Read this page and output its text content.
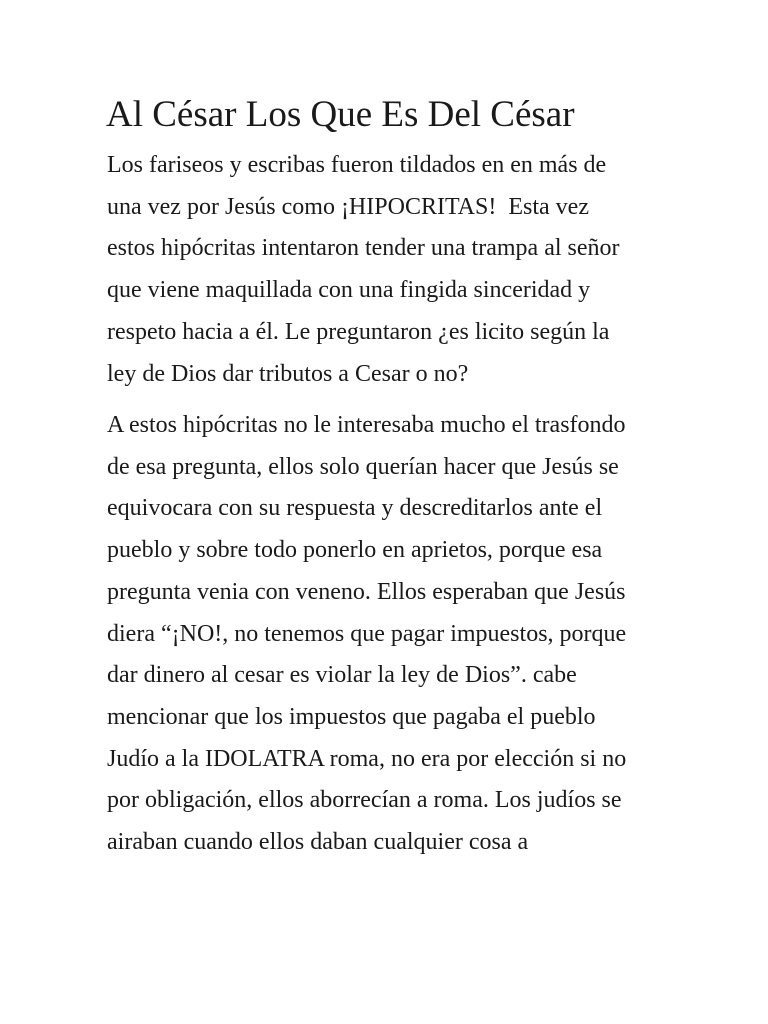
Al César Los Que Es Del César

Los fariseos y escribas fueron tildados en en más de
una vez por Jesús como ¡HIPOCRITAS!  Esta vez
estos hipócritas intentaron tender una trampa al señor
que viene maquillada con una fingida sinceridad y
respeto hacia a él. Le preguntaron ¿es licito según la
ley de Dios dar tributos a Cesar o no?

A estos hipócritas no le interesaba mucho el trasfondo
de esa pregunta, ellos solo querían hacer que Jesús se
equivocara con su respuesta y descreditarlos ante el
pueblo y sobre todo ponerlo en aprietos, porque esa
pregunta venia con veneno. Ellos esperaban que Jesús
diera “¡NO!, no tenemos que pagar impuestos, porque
dar dinero al cesar es violar la ley de Dios”. cabe
mencionar que los impuestos que pagaba el pueblo
Judío a la IDOLATRA roma, no era por elección si no
por obligación, ellos aborrecían a roma. Los judíos se
airaban cuando ellos daban cualquier cosa a
